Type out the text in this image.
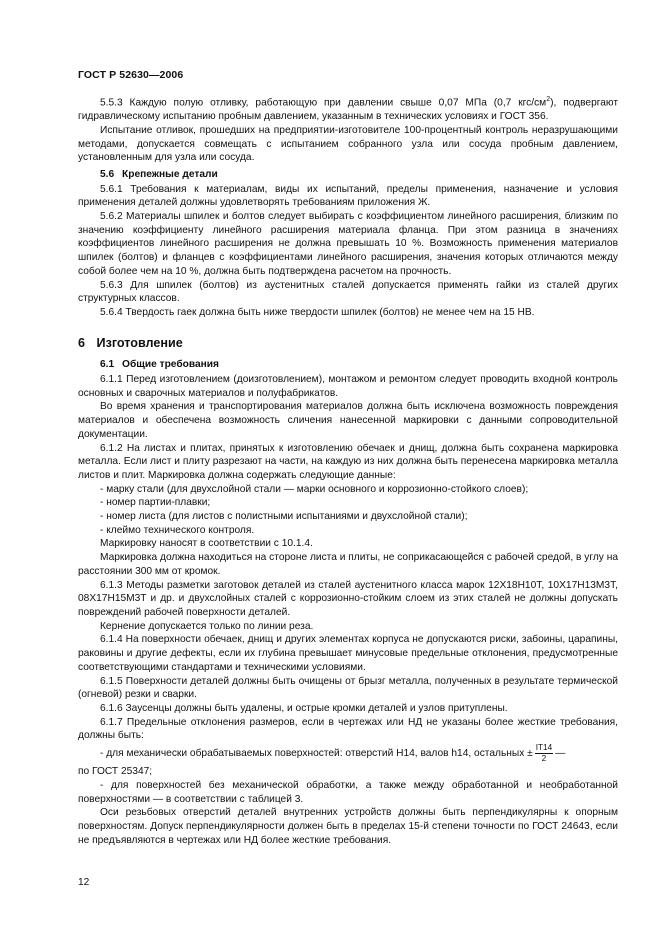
ГОСТ Р 52630—2006

5.5.3 Каждую полую отливку, работающую при давлении свыше 0,07 МПа (0,7 кгс/$см^2$), подвергают гидравлическому испытанию пробным давлением, указанным в технических условиях и ГОСТ 356.

Испытание отливок, прошедших на предприятии-изготовителе 100-процентный контроль неразрушающими методами, допускается совмещать с испытанием собранного узла или сосуда пробным давлением, установленным для узла или сосуда.

5.6 Крепежные детали

5.6.1 Требования к материалам, виды их испытаний, пределы применения, назначение и условия применения деталей должны удовлетворять требованиям приложения Ж.

5.6.2 Материалы шпилек и болтов следует выбирать с коэффициентом линейного расширения, близким по значению коэффициенту линейного расширения материала фланца. При этом разница в значениях коэффициентов линейного расширения не должна превышать 10 %. Возможность применения материалов шпилек (болтов) и фланцев с коэффициентами линейного расширения, значения которых отличаются между собой более чем на 10 %, должна быть подтверждена расчетом на прочность.

5.6.3 Для шпилек (болтов) из аустенитных сталей допускается применять гайки из сталей других структурных классов.

5.6.4 Твердость гаек должна быть ниже твердости шпилек (болтов) не менее чем на 15 НВ.

6 Изготовление
6.1 Общие требования

6.1.1 Перед изготовлением (доизготовлением), монтажом и ремонтом следует проводить входной контроль основных и сварочных материалов и полуфабрикатов.

Во время хранения и транспортирования материалов должна быть исключена возможность повреждения материалов и обеспечена возможность сличения нанесенной маркировки с данными сопроводительной документации.

6.1.2 На листах и плитах, принятых к изготовлению обечаек и днищ, должна быть сохранена маркировка металла. Если лист и плиту разрезают на части, на каждую из них должна быть перенесена маркировка металла листов и плит. Маркировка должна содержать следующие данные:

- марку стали (для двухслойной стали — марки основного и коррозионно-стойкого слоев);

- номер партии-плавки;

- номер листа (для листов с полистными испытаниями и двухслойной стали);

- клеймо технического контроля.

Маркировку наносят в соответствии с 10.1.4.

Маркировка должна находиться на стороне листа и плиты, не соприкасающейся с рабочей средой, в углу на расстоянии 300 мм от кромок.

6.1.3 Методы разметки заготовок деталей из сталей аустенитного класса марок 12Х18Н10Т, 10Х17Н13М3Т, 08Х17Н15М3Т и др. и двухслойных сталей с коррозионно-стойким слоем из этих сталей не должны допускать повреждений рабочей поверхности деталей.

Кернение допускается только по линии реза.

6.1.4 На поверхности обечаек, днищ и других элементах корпуса не допускаются риски, забоины, царапины, раковины и другие дефекты, если их глубина превышает минусовые предельные отклонения, предусмотренные соответствующими стандартами и техническими условиями.

6.1.5 Поверхности деталей должны быть очищены от брызг металла, полученных в результате термической (огневой) резки и сварки.

6.1.6 Заусенцы должны быть удалены, и острые кромки деталей и узлов притуплены.

6.1.7 Предельные отклонения размеров, если в чертежах или НД не указаны более жесткие требования, должны быть:

- для механически обрабатываемых поверхностей: отверстий Н14, валов h14, остальных ± $\frac{IT14}{2}$ —

по ГОСТ 25347;

- для поверхностей без механической обработки, а также между обработанной и необработанной поверхностями — в соответствии с таблицей 3.

Оси резьбовых отверстий деталей внутренних устройств должны быть перпендикулярны к опорным поверхностям. Допуск перпендикулярности должен быть в пределах 15-й степени точности по ГОСТ 24643, если не предъявляются в чертежах или НД более жесткие требования.

12
